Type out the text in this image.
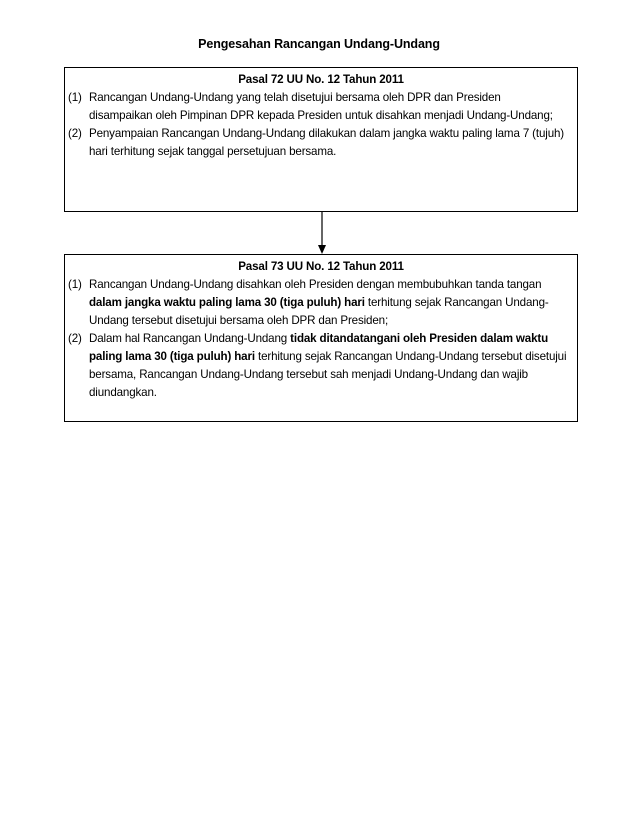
Pengesahan Rancangan Undang-Undang
Pasal 72 UU No. 12 Tahun 2011
(1) Rancangan Undang-Undang yang telah disetujui bersama oleh DPR dan Presiden disampaikan oleh Pimpinan DPR kepada Presiden untuk disahkan menjadi Undang-Undang;
(2) Penyampaian Rancangan Undang-Undang dilakukan dalam jangka waktu paling lama 7 (tujuh) hari terhitung sejak tanggal persetujuan bersama.
Pasal 73 UU No. 12 Tahun 2011
(1) Rancangan Undang-Undang disahkan oleh Presiden dengan membubuhkan tanda tangan dalam jangka waktu paling lama 30 (tiga puluh) hari terhitung sejak Rancangan Undang-Undang tersebut disetujui bersama oleh DPR dan Presiden;
(2) Dalam hal Rancangan Undang-Undang tidak ditandatangani oleh Presiden dalam waktu paling lama 30 (tiga puluh) hari terhitung sejak Rancangan Undang-Undang tersebut disetujui bersama, Rancangan Undang-Undang tersebut sah menjadi Undang-Undang dan wajib diundangkan.
